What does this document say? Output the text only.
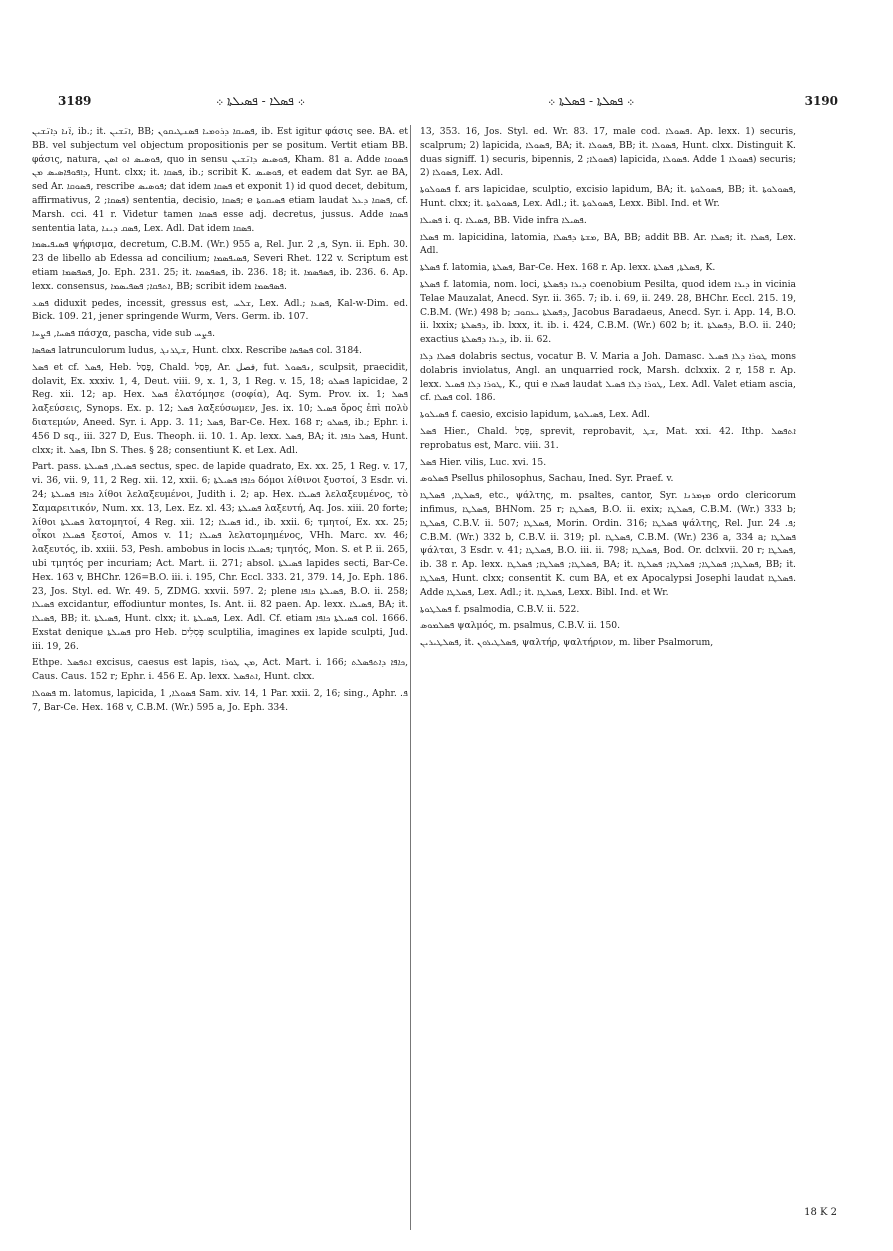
3189	܀ ܦܣܠܐ - ܦܣܝܠܬܐ ܀	܀ ܦܣܠܬܐ - ܦܣܠܬܐ ܀	3190

ܐ̈ܢܐ ܕܐܢ̈ܫܝܢ, ib.; it. ܐܢ̈ܫܝܢ, BB; ܦܣܝܩܐ ܕܪܘܡܝܐ ܦܣܢܛܝܩܘܢ, ib. Est igitur φάσις see. BA. et BB. vel subjectum vel objectum propositionis per se positum. Vertit etiam BB. φάσις, natura, ܦܘܣܝܣ ܐܘ ܐܣܢ, quo in sensu ܦܘܣܝܣ ܕܐܢ̈ܫܝܢ, Kham. 81 a. Adde ܦܣܘܩܐ ܕܐܦܘܦܐܣܝܣ ܡܢ, Hunt. clxx; it. ܦܣܩܐ, ib.; scribit K. ܦܘܣܝܣ, et eadem dat Syr. ae BA, sed Ar. ܦܣܘܩܐ, rescribe ܦܘܣܝܣ; dat idem ܦܣܩܐ et exponit 1) id quod decet, debitum, affirmativus, ܦܣܩܐ; 2) sententia, decisio, ܦܣܩܐ; e ܦܣܝܩܘܬܐ etiam laudat ܦܣܩܐ ܕܥܠ, cf. Marsh. cci. 41 r. Videtur tamen ܦܣܩܐ esse adj. decretus, jussus. Adde ܦܣܩܐ sententia lata, ܦܣܩ ܕܝܢܐ, Lex. Adl. Dat idem ܦܣܩܐ.

ܦܣܝܦܝܣܡܐ ψήφισμα, decretum, C.B.M. (Wr.) 955 a, Rel. Jur. ܦ, 2, Syn. ii. Eph. 30. 23 de libello ab Edessa ad concilium; ܦܣܝܦܣܡܐ, Severi Rhet. 122 v. Scriptum est etiam ܦܣܦܣܡܐ, Jo. Eph. 231. 25; it. ܦܣܦܣܡܐ, ib. 236. 18; it. ܦܣܦܣܡܐ, ib. 236. 6. Ap. lexx. consensus, ܐܬܦܩܐ; ܦܣܦܝܣܡܐ, BB; scribit idem ܦܣܦܣܡܐ.

ܦܣܥ diduxit pedes, incessit, gressus est, ܫܠܚ, Lex. Adl.; ܦܣܥܐ, Kal-w-Dim. ed. Bick. 109. 21, jener springende Wurm, Vers. Germ. ib. 107.

ܦܣܚܐ, ܦܨܚܐ πάσχα, pascha, vide sub ܦܨܚ.

ܦܣܦܣܐ latrunculorum ludus, ܫܛܪܢܓ, Hunt. clxx. Rescribe ܦܣܦܣܐ col. 3184.

ܦܣܠ et cf. ܦܣܠ, Heb. פָּסַל, Chald. פְּסַל, Ar. فصل, fut. ܢܦܣܘܠ, sculpsit, praecidit, dolavit, Ex. xxxiv. 1, 4, Deut. viii. 9, x. 1, 3, 1 Reg. v. 15, 18; ܦܣܠܘ lapicidae, 2 Reg. xii. 12; ap. Hex. ܦܣܠ ἐλατόμησε (σοφία), Aq. Sym. Prov. ix. 1; ܦܣܠ λαξεύσεις, Synops. Ex. p. 12; ܦܣܠ λαξεύσωμεν, Jes. ix. 10; ܦܣܝܠ ὄρος ἐπὶ πολὺ διατεμών, Aneed. Syr. i. App. 3. 11; ܦܣܠ, Bar-Ce. Hex. 168 r; ܦܣܠܘ, ib.; Ephr. i. 456 D sq., iii. 327 D, Eus. Theoph. ii. 10. 1. Ap. lexx. ܦܣܠ, BA; it. ܦܣܠ ܟܐܦܐ, Hunt. clxx; it. ܦܣܠ, Ibn S. Thes. § 28; consentiunt K. et Lex. Adl.

Part. pass. ܦܣܝܠܐ, ܦܣܝܠܬܐ sectus, spec. de lapide quadrato, Ex. xx. 25, 1 Reg. v. 17, vi. 36, vii. 9, 11, 2 Reg. xii. 12, xxii. 6; ܟܐܦܐ ܦܣܝܠܬܐ δόμοι λίθινοι ξυστοί, 3 Esdr. vi. 24; ܟܐܦܐ ܦܣܝܠܬܐ λίθοι λελαξευμένοι, Judith i. 2; ap. Hex. ܦܣܝܠܐ λελαξευμένος, τὸ Σαμαρειτικόν, Num. xx. 13, Lex. Ez. xl. 43; ܦܣܝܠܬܐ λαξευτή, Aq. Jos. xiii. 20 forte; λίθοι ܦܣܝܠܬܐ λατομητοί, 4 Reg. xii. 12; ܦܣܝܠܐ id., ib. xxii. 6; τμητοί, Ex. xx. 25; οἶκοι ܦܣܝܠܐ ξεστοί, Amos v. 11; ܦܣܝܠܐ λελατομημένος, VHh. Marc. xv. 46; λαξευτός, ib. xxiii. 53, Pesh. ambobus in locis ܦܣܝܠܐ; τμητός, Mon. S. et P. ii. 265, ubi τμητός per incuriam; Act. Mart. ii. 271; absol. ܦܣܝܠܬܐ lapides secti, Bar-Ce. Hex. 163 v, BHChr. 126=B.O. iii. i. 195, Chr. Eccl. 333. 21, 379. 14, Jo. Eph. 186. 23, Jos. Styl. ed. Wr. 49. 5, ZDMG. xxvii. 597. 2; plene ܦܣܝܠܬܐ ܟܐܦܐ, B.O. ii. 258; ܦܣܝܠܐ excidantur, effodiuntur montes, Is. Ant. ii. 82 paen. Ap. lexx. ܦܣܝܠܐ, BA; it. ܦܣܝܠܐ, BB; it. ܦܣܝܠܬܐ, Hunt. clxx; it. ܦܣܝܠܬܐ, Lex. Adl. Cf. etiam ܦܣܝܠܬܐ ܟܐܦܐ col. 1666. Exstat denique ܦܣܝܠܬܐ pro Heb. פְּסִלִים sculptilia, imagines ex lapide sculpti, Jud. iii. 19, 26.

Ethpe. ܐܬܦܣܠ excisus, caesus est lapis, ܡܢ ܛܘܪܐ, Act. Mart. i. 166; ܟܐܦܐ ܕܐܬܦܣܠܬ, Caus. Caus. 152 r; Ephr. i. 456 E. Ap. lexx. ܐܬܦܣܠ, Hunt. clxx.

ܦܣܘܠܐ m. latomus, lapicida, ܦܣܘܠܐ, 1 Sam. xiv. 14, 1 Par. xxii. 2, 16; sing., Aphr. ܦ. 7, Bar-Ce. Hex. 168 v, C.B.M. (Wr.) 595 a, Jo. Eph. 334.

13, 353. 16, Jos. Styl. ed. Wr. 83. 17, male cod. ܦܣܘܠܐ. Ap. lexx. 1) securis, scalprum; 2) lapicida, ܦܣܘܠܐ, BA; it. ܦܣܘܠܐ, BB; it. ܦܣܘܠܐ, Hunt. clxx. Distinguit K. duas signiff. 1) securis, bipennis, ܦܣܘܠܐ; 2) lapicida, ܦܣܘܠܐ. Adde ܦܣܘܠܐ 1) securis; 2) ܦܣܘܠܐ, Lex. Adl.

ܦܣܘܠܘܬܐ f. ars lapicidae, sculptio, excisio lapidum, BA; it. ܦܣܘܠܘܬܐ, BB; it. ܦܣܘܠܘܬܐ, Hunt. clxx; it. ܦܣܘܠܘܬܐ, Lex. Adl.; it. ܦܣܘܠܘܬܐ, Lexx. Bibl. Ind. et Wr.

ܦܣܝܠܐ i. q. ܦܣܝܠܐ, BB. Vide infra ܦܣܝܠܐ.

ܦܣܠܐ m. lapicidina, latomia, ܡܫܬܐ ܕܦܣܠܐ, BA, BB; addit BB. Ar. ܦܣܠܐ; it. ܦܣܠܐ, Lex. Adl.

ܦܣܠܬܐ f. latomia, ܦܣܠܬܐ, Bar-Ce. Hex. 168 r. Ap. lexx. ܦܣܠܬܐ, ܦܣܠܬܐ, K.

ܦܣܠܬܐ f. latomia, nom. loci, ܕܝܪܐ ܕܦܣܠܬܐ coenobium Pesilta, quod idem ܕܝܪܐ in vicinia Telae Mauzalat, Anecd. Syr. ii. 365. 7; ib. i. 69, ii. 249. 28, BHChr. Eccl. 215. 19, C.B.M. (Wr.) 498 b; ܕܦܣܠܬܐ ܝܥܩܘܒ, Jacobus Baradaeus, Anecd. Syr. i. App. 14, B.O. ii. lxxix; ܕܦܣܠܬܐ, ib. lxxx, it. ib. i. 424, C.B.M. (Wr.) 602 b; it. ܕܦܣܠܬܐ, B.O. ii. 240; exactius ܕܝܪܐ ܕܦܣܠܬܐ, ib. ii. 62.

ܦܣܠܐ ܕܠܐ dolabris sectus, vocatur B. V. Maria a Joh. Damasc. ܛܘܪܐ ܕܠܐ ܦܣܝܠ mons dolabris inviolatus, Angl. an unquarried rock, Marsh. dclxxix. 2 r, 158 r. Ap. lexx. ܛܘܪܐ ܕܠܐ ܦܣܝܠ, K., qui e ܦܣܠܐ laudat ܛܘܪܐ ܕܠܐ ܦܣܝܠ, Lex. Adl. Valet etiam ascia, cf. ܦܣܠܐ col. 186.

ܦܣܝܠܘܬܐ f. caesio, excisio lapidum, ܦܣܝܠܘܬܐ, Lex. Adl.

ܦܣܠ Hier., Chald. פְּסַל, sprevit, reprobavit, ܫܛ, Mat. xxi. 42. Ithp. ܐܬܦܣܠ reprobatus est, Marc. viii. 31.

ܦܣܠ Hier. vilis, Luc. xvi. 15.

ܦܣܠܘܣ Psellus philosophus, Sachau, Ined. Syr. Praef. v.

ܦܣܠܛܐ, ܦܣܠܛܐ, etc., ψάλτης, m. psaltes, cantor, Syr. ܡܙܡܪܢܐ ordo clericorum infimus, ܦܣܠܛܐ, BHNom. 25 r; ܦܣܠܛܐ, B.O. ii. exix; ܦܣܠܛܐ, C.B.M. (Wr.) 333 b; ܦܣܠܛܐ, C.B.V. ii. 507; ܦܣܠܛܐ, Morin. Ordin. 316; ܦܣܠܛܐ ψάλτης, Rel. Jur. ܦ. 24; C.B.M. (Wr.) 332 b, C.B.V. ii. 319; pl. ܦܣܠܛܐ, C.B.M. (Wr.) 236 a, 334 a; ܦܣܠܛܐ ψάλται, 3 Esdr. v. 41; ܦܣܠܛܐ, B.O. iii. ii. 798; ܦܣܠܛܐ, Bod. Or. dclxvii. 20 r; ܦܣܠܛܐ, ib. 38 r. Ap. lexx. ܦܣܠܛܐ; ܦܣܠܛܐ; ܦܣܠܛܐ, BA; it. ܦܣܠܛܐ; ܦܣܠܛܐ; ܦܣܠܛܐ; ܦܣܠܛܐ, BB; it. ܦܣܠܛܐ, Hunt. clxx; consentit K. cum BA, et ex Apocalypsi Josephi laudat ܦܣܠܛܐ. Adde ܦܣܠܛܐ, Lex. Adl.; it. ܦܣܠܛܐ, Lexx. Bibl. Ind. et Wr.

ܦܣܠܛܘܬܐ f. psalmodia, C.B.V. ii. 522.

ܦܣܠܡܘܣ ψαλμός, m. psalmus, C.B.V. ii. 150.

ܦܣܠܛܝܪܝܢ, it. ܦܣܠܛܝܪܘܢ, ψαλτήρ, ψαλτήριον, m. liber Psalmorum,

18 K 2
